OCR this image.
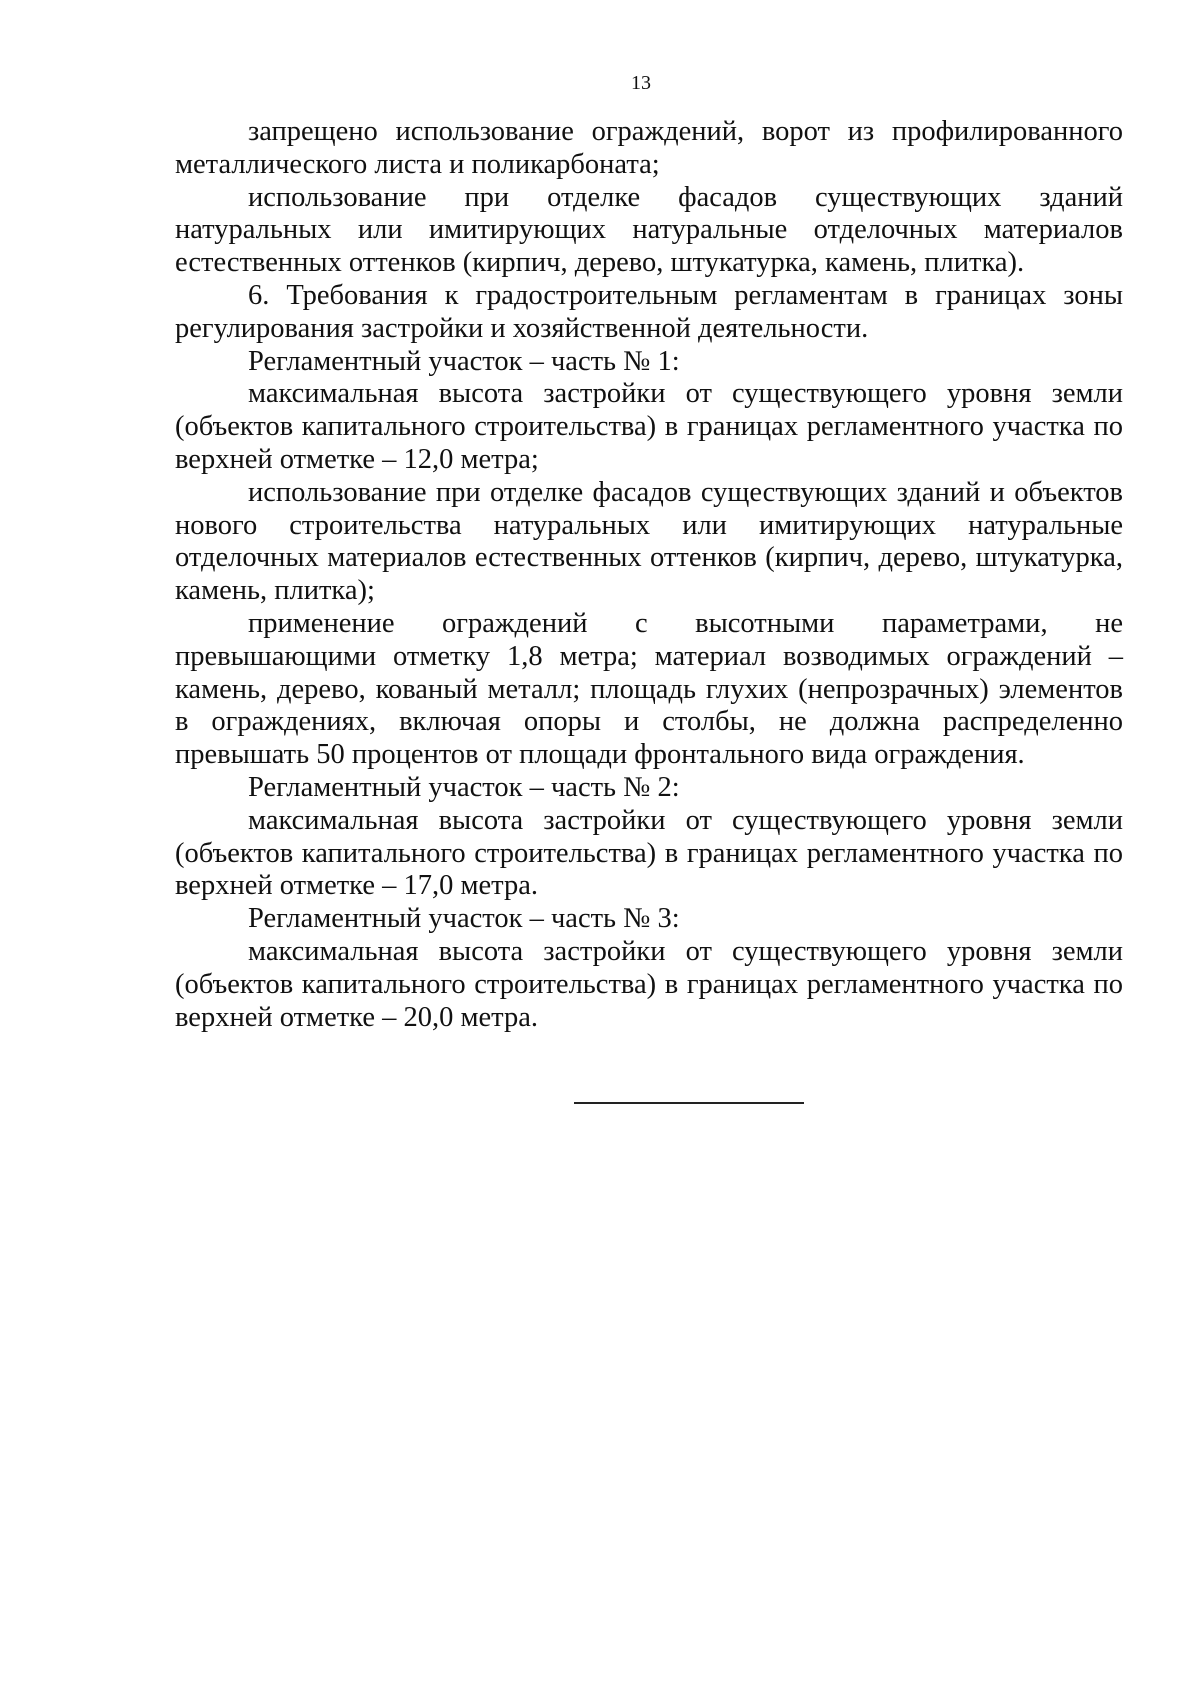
13

запрещено использование ограждений, ворот из профилированного металлического листа и поликарбоната;

использование при отделке фасадов существующих зданий натуральных или имитирующих натуральные отделочных материалов естественных оттенков (кирпич, дерево, штукатурка, камень, плитка).

6. Требования к градостроительным регламентам в границах зоны регулирования застройки и хозяйственной деятельности.

Регламентный участок – часть № 1:

максимальная высота застройки от существующего уровня земли (объектов капитального строительства) в границах регламентного участка по верхней отметке – 12,0 метра;

использование при отделке фасадов существующих зданий и объектов нового строительства натуральных или имитирующих натуральные отделочных материалов естественных оттенков (кирпич, дерево, штукатурка, камень, плитка);

применение ограждений с высотными параметрами, не превышающими отметку 1,8 метра; материал возводимых ограждений – камень, дерево, кованый металл; площадь глухих (непрозрачных) элементов в ограждениях, включая опоры и столбы, не должна распределенно превышать 50 процентов от площади фронтального вида ограждения.

Регламентный участок – часть № 2:

максимальная высота застройки от существующего уровня земли (объектов капитального строительства) в границах регламентного участка по верхней отметке – 17,0 метра.

Регламентный участок – часть № 3:

максимальная высота застройки от существующего уровня земли (объектов капитального строительства) в границах регламентного участка по верхней отметке – 20,0 метра.
